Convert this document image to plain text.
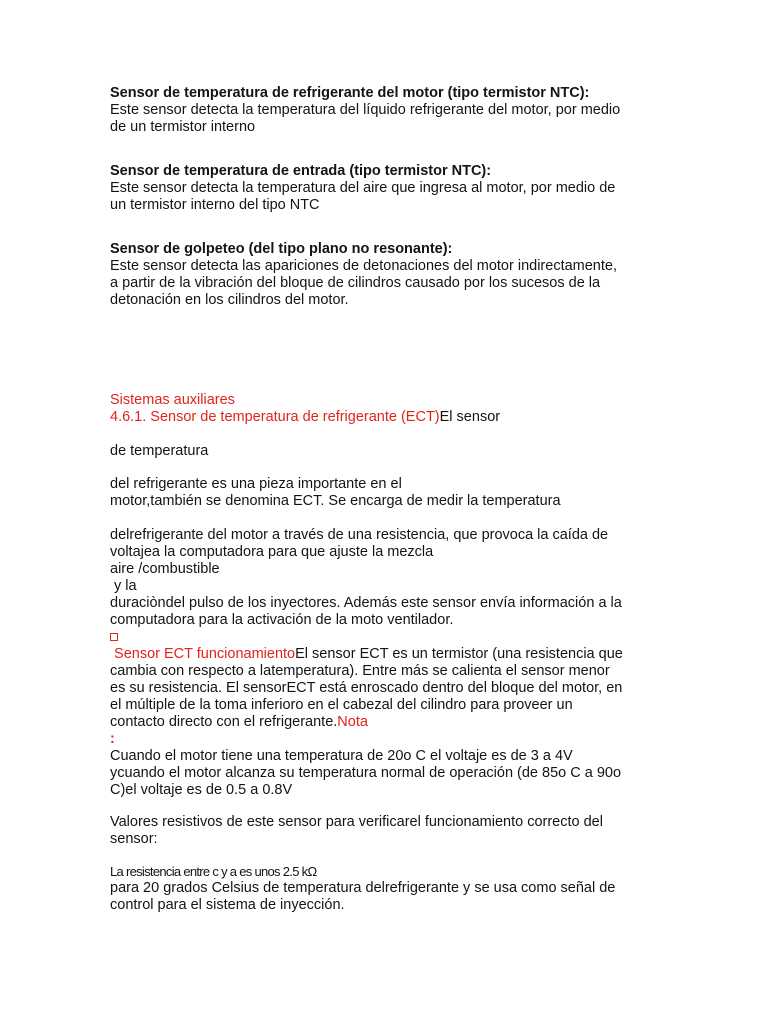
Sensor de temperatura de refrigerante del motor (tipo termistor NTC):
Este sensor detecta la temperatura del líquido refrigerante del motor, por medio
de un termistor interno
Sensor de temperatura de entrada (tipo termistor NTC):
Este sensor detecta la temperatura del aire que ingresa al motor, por medio de
un termistor interno del tipo NTC
Sensor de golpeteo (del tipo plano no resonante):
Este sensor detecta las apariciones de detonaciones del motor indirectamente,
a partir de la vibración del bloque de cilindros causado por los sucesos de la
detonación en los cilindros del motor.
Sistemas auxiliares
4.6.1. Sensor de temperatura de refrigerante (ECT)El sensor
de temperatura
del refrigerante es una pieza importante en el
motor,también se denomina ECT. Se encarga de medir la temperatura
delrefrigerante del motor a través de una resistencia, que provoca la caída de
voltajea la computadora para que ajuste la mezcla
aire /combustible
y la
duraciòndel pulso de los inyectores. Además este sensor envía información a la
computadora para la activación de la moto ventilador.
Sensor ECT funcionamientoEl sensor ECT es un termistor (una resistencia que
cambia con respecto a latemperatura). Entre más se calienta el sensor menor
es su resistencia. El sensorECT está enroscado dentro del bloque del motor, en
el múltiple de la toma inferioro en el cabezal del cilindro para proveer un
contacto directo con el refrigerante.Nota
:
Cuando el motor tiene una temperatura de 20o C el voltaje es de 3 a 4V
ycuando el motor alcanza su temperatura normal de operación (de 85o C a 90o
C)el voltaje es de 0.5 a 0.8V
Valores resistivos de este sensor para verificarel funcionamiento correcto del
sensor:
La resistencia entre c y a es unos 2.5 kΩ
para 20 grados Celsius de temperatura delrefrigerante y se usa como señal de
control para el sistema de inyección.
